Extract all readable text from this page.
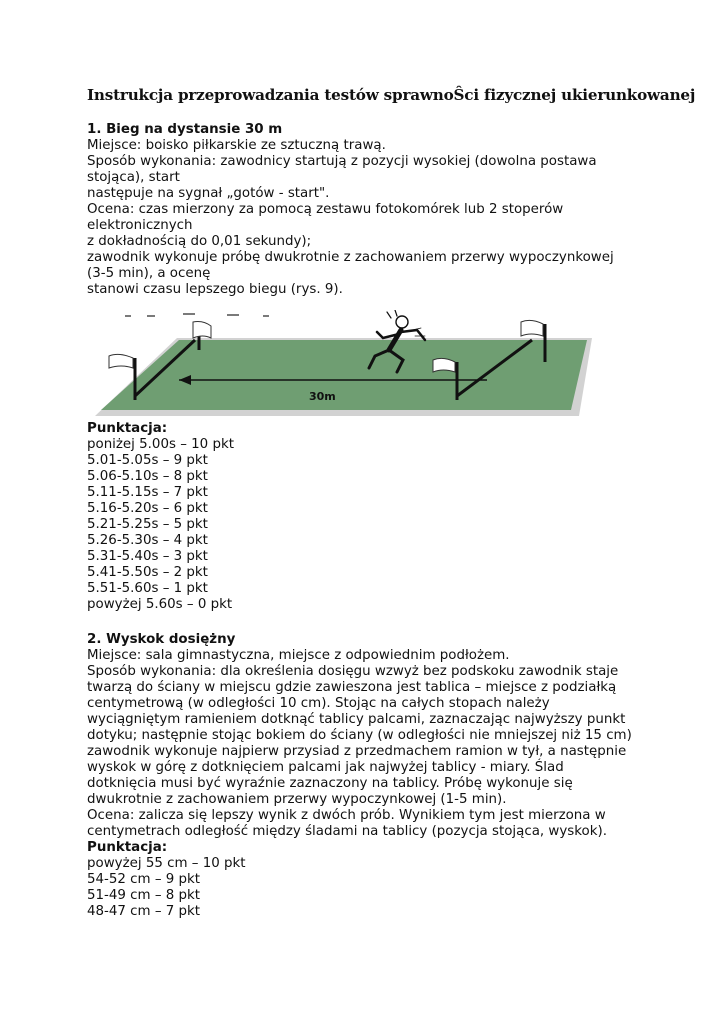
Instrukcja przeprowadzania testów sprawnoŜci fizycznej ukierunkowanej
1. Bieg na dystansie 30 m
Miejsce: boisko piłkarskie ze sztuczną trawą.
Sposób wykonania: zawodnicy startują z pozycji wysokiej (dowolna postawa
stojąca), start
następuje na sygnał „gotów - start".
Ocena: czas mierzony za pomocą zestawu fotokomórek lub 2 stoperów
elektronicznych
z dokładnością do 0,01 sekundy);
zawodnik wykonuje próbę dwukrotnie z zachowaniem przerwy wypoczynkowej
(3-5 min), a ocenę
stanowi czasu lepszego biegu (rys. 9).
30m
Punktacja:
poniżej 5.00s – 10 pkt
5.01-5.05s – 9 pkt
5.06-5.10s – 8 pkt
5.11-5.15s – 7 pkt
5.16-5.20s – 6 pkt
5.21-5.25s – 5 pkt
5.26-5.30s – 4 pkt
5.31-5.40s – 3 pkt
5.41-5.50s – 2 pkt
5.51-5.60s – 1 pkt
powyżej 5.60s – 0 pkt
2. Wyskok dosiężny
Miejsce: sala gimnastyczna, miejsce z odpowiednim podłożem.
Sposób wykonania: dla określenia dosięgu wzwyż bez podskoku zawodnik staje
twarzą do ściany w miejscu gdzie zawieszona jest tablica – miejsce z podziałką
centymetrową (w odległości 10 cm). Stojąc na całych stopach należy
wyciągniętym ramieniem dotknąć tablicy palcami, zaznaczając najwyższy punkt
dotyku; następnie stojąc bokiem do ściany (w odległości nie mniejszej niż 15 cm)
zawodnik wykonuje najpierw przysiad z przedmachem ramion w tył, a następnie
wyskok w górę z dotknięciem palcami jak najwyżej tablicy - miary. Ślad
dotknięcia musi być wyraźnie zaznaczony na tablicy. Próbę wykonuje się
dwukrotnie z zachowaniem przerwy wypoczynkowej (1-5 min).
Ocena: zalicza się lepszy wynik z dwóch prób. Wynikiem tym jest mierzona w
centymetrach odległość między śladami na tablicy (pozycja stojąca, wyskok).
Punktacja:
powyżej 55 cm – 10 pkt
54-52 cm – 9 pkt
51-49 cm – 8 pkt
48-47 cm – 7 pkt
